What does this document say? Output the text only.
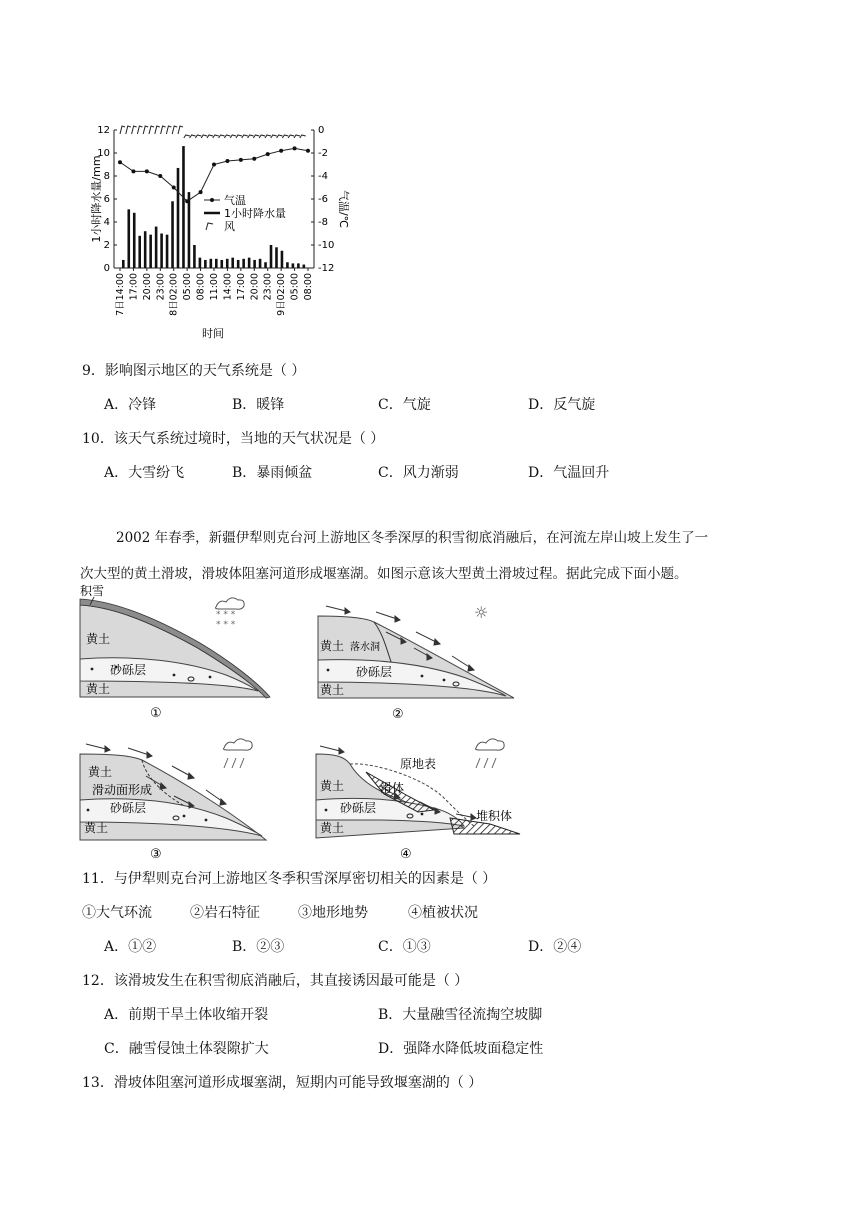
0
2
4
6
8
10
12	0
-2
-4
-6
-8
-10
-12
1小时降水量/mm	气温/℃
7日14:00 17:00 20:00 23:00 8日02:00 05:00 08:00 11:00 14:00 17:00 20:00 23:00 9日02:00 05:00 08:00
气温
1小时降水量
风
时间
9．影响图示地区的天气系统是（ ）
A．冷锋	B．暖锋	C．气旋	D．反气旋
10．该天气系统过境时，当地的天气状况是（ ）
A．大雪纷飞	B．暴雨倾盆	C．风力渐弱	D．气温回升
2002 年春季，新疆伊犁则克台河上游地区冬季深厚的积雪彻底消融后，在河流左岸山坡上发生了一
次大型的黄土滑坡，滑坡体阻塞河道形成堰塞湖。如图示意该大型黄土滑坡过程。据此完成下面小题。
* * *
* * *
积雪
黄土
砂砾层
黄土
①
☼
黄土 落水洞
砂砾层
黄土
②
黄土
滑动面形成
砂砾层
黄土
③
原地表
滑体
黄土
砂砾层
黄土
堆积体
④
11．与伊犁则克台河上游地区冬季积雪深厚密切相关的因素是（ ）
①大气环流	②岩石特征	③地形地势	④植被状况
A．①②	B．②③	C．①③	D．②④
12．该滑坡发生在积雪彻底消融后，其直接诱因最可能是（ ）
A．前期干旱土体收缩开裂	B．大量融雪径流掏空坡脚
C．融雪侵蚀土体裂隙扩大	D．强降水降低坡面稳定性
13．滑坡体阻塞河道形成堰塞湖，短期内可能导致堰塞湖的（ ）
